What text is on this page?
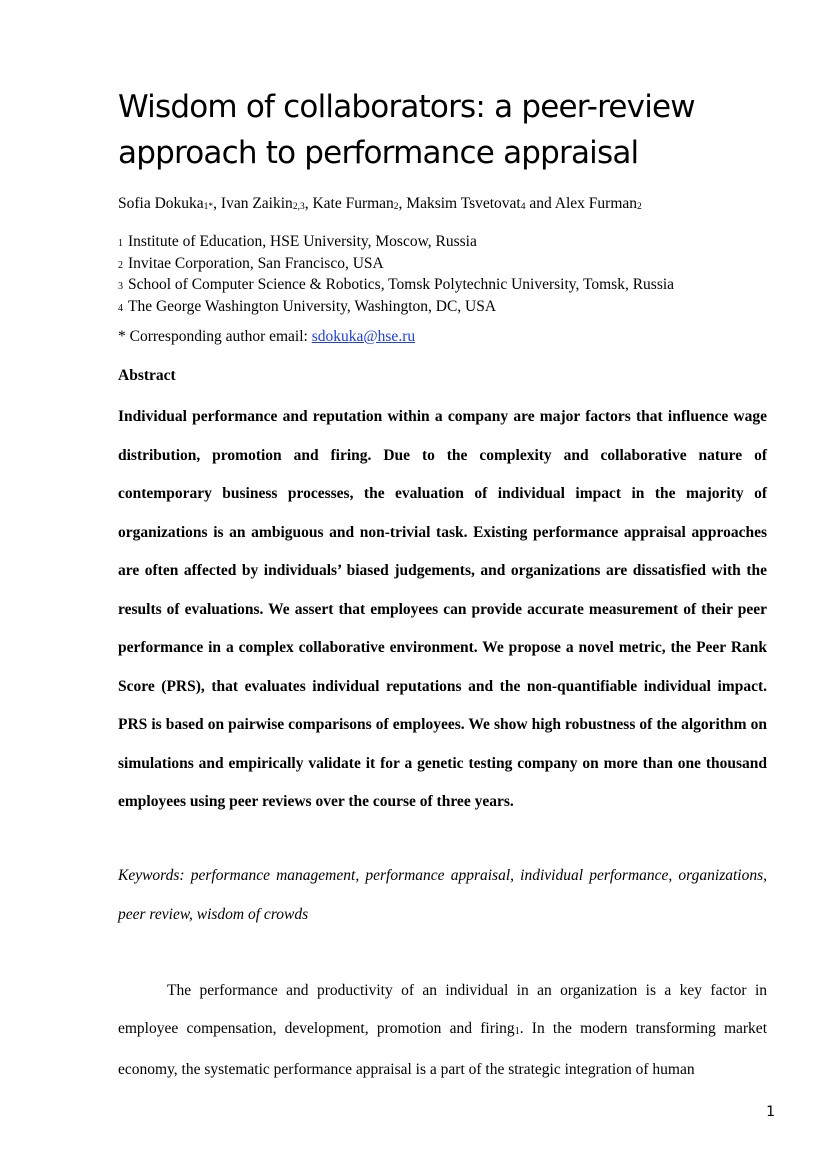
Wisdom of collaborators: a peer-review approach to performance appraisal
Sofia Dokuka$_{1*}$, Ivan Zaikin$_{2,3}$, Kate Furman$_2$, Maksim Tsvetovat$_4$ and Alex Furman$_2$
1 Institute of Education, HSE University, Moscow, Russia
2 Invitae Corporation, San Francisco, USA
3 School of Computer Science & Robotics, Tomsk Polytechnic University, Tomsk, Russia
4 The George Washington University, Washington, DC, USA
* Corresponding author email: sdokuka@hse.ru
Abstract

Individual performance and reputation within a company are major factors that influence wage distribution, promotion and firing. Due to the complexity and collaborative nature of contemporary business processes, the evaluation of individual impact in the majority of organizations is an ambiguous and non-trivial task. Existing performance appraisal approaches are often affected by individuals’ biased judgements, and organizations are dissatisfied with the results of evaluations. We assert that employees can provide accurate measurement of their peer performance in a complex collaborative environment. We propose a novel metric, the Peer Rank Score (PRS), that evaluates individual reputations and the non-quantifiable individual impact. PRS is based on pairwise comparisons of employees. We show high robustness of the algorithm on simulations and empirically validate it for a genetic testing company on more than one thousand employees using peer reviews over the course of three years.

Keywords: performance management, performance appraisal, individual performance, organizations, peer review, wisdom of crowds

The performance and productivity of an individual in an organization is a key factor in employee compensation, development, promotion and firing$_1$. In the modern transforming market economy, the systematic performance appraisal is a part of the strategic integration of human

1
